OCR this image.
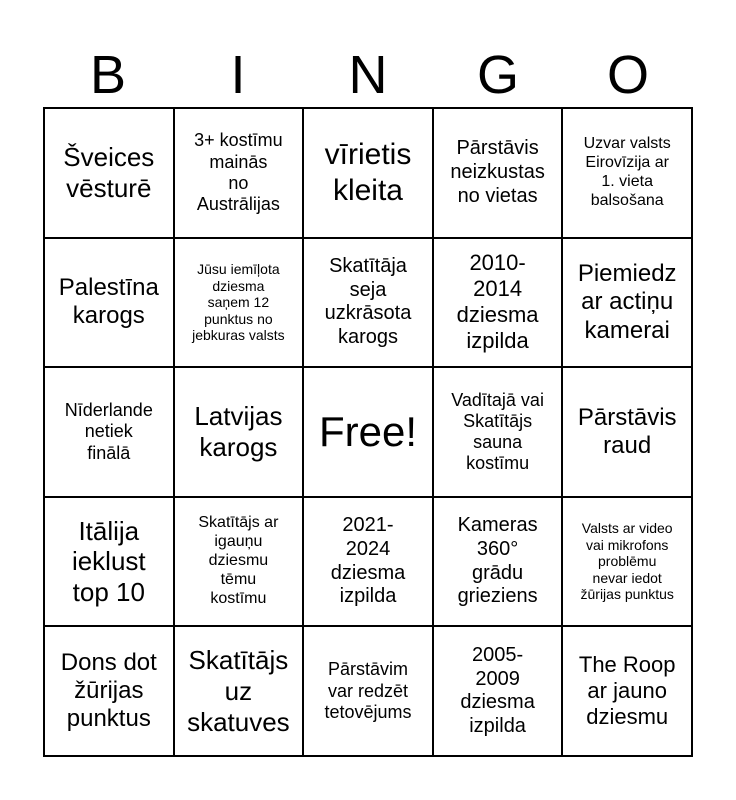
B	I	N	G	O
Šveices
vēsturē
3+ kostīmu
mainās
no
Austrālijas
vīrietis
kleita
Pārstāvis
neizkustas
no vietas
Uzvar valsts
Eirovīzija ar
1. vieta
balsošana
Palestīna
karogs
Jūsu iemīļota
dziesma
saņem 12
punktus no
jebkuras valsts
Skatītāja
seja
uzkrāsota
karogs
2010-
2014
dziesma
izpilda
Piemiedz
ar actiņu
kamerai
Nīderlande
netiek
finālā
Latvijas
karogs Free!
Vadītajā vai
Skatītājs
sauna
kostīmu
Pārstāvis
raud
Itālija
ieklust
top 10
Skatītājs ar
igauņu
dziesmu
tēmu
kostīmu
2021-
2024
dziesma
izpilda
Kameras
360°
grādu
grieziens
Valsts ar video
vai mikrofons
problēmu
nevar iedot
žūrijas punktus
Dons dot
žūrijas
punktus
Skatītājs
uz
skatuves
Pārstāvim
var redzēt
tetovējums
2005-
2009
dziesma
izpilda
The Roop
ar jauno
dziesmu
